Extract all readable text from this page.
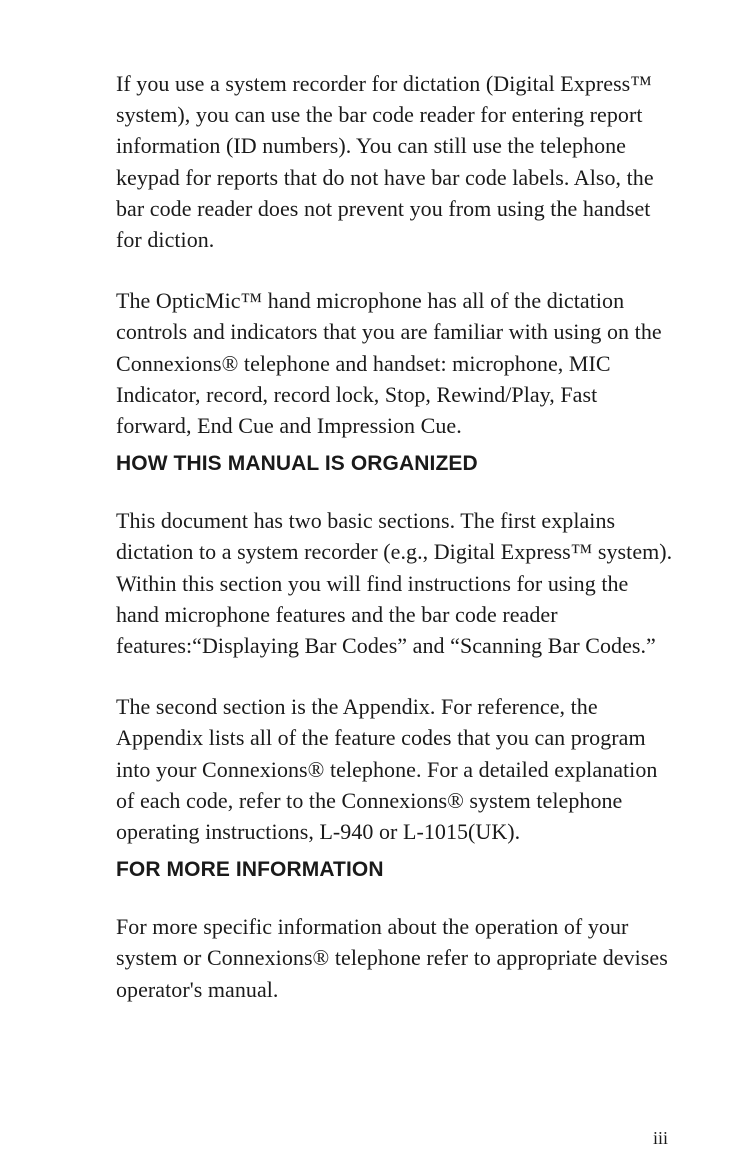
If you use a system recorder for dictation (Digital Express™ system), you can use the bar code reader for entering report information (ID numbers). You can still use the telephone keypad for reports that do not have bar code labels. Also, the bar code reader does not prevent you from using the handset for diction.

The OpticMic™ hand microphone has all of the dictation controls and indicators that you are familiar with using on the Connexions® telephone and handset: microphone, MIC Indicator, record, record lock, Stop, Rewind/Play, Fast forward, End Cue and Impression Cue.

HOW THIS MANUAL IS ORGANIZED

This document has two basic sections. The first explains dictation to a system recorder (e.g., Digital Express™ system). Within this section you will find instructions for using the hand microphone features and the bar code reader features:“Displaying Bar Codes” and “Scanning Bar Codes.”

The second section is the Appendix. For reference, the Appendix lists all of the feature codes that you can program into your Connexions® telephone. For a detailed explanation of each code, refer to the Connexions® system telephone operating instructions, L-940 or L-1015(UK).

FOR MORE INFORMATION

For more specific information about the operation of your system or Connexions® telephone refer to appropriate devises operator's manual.

iii
